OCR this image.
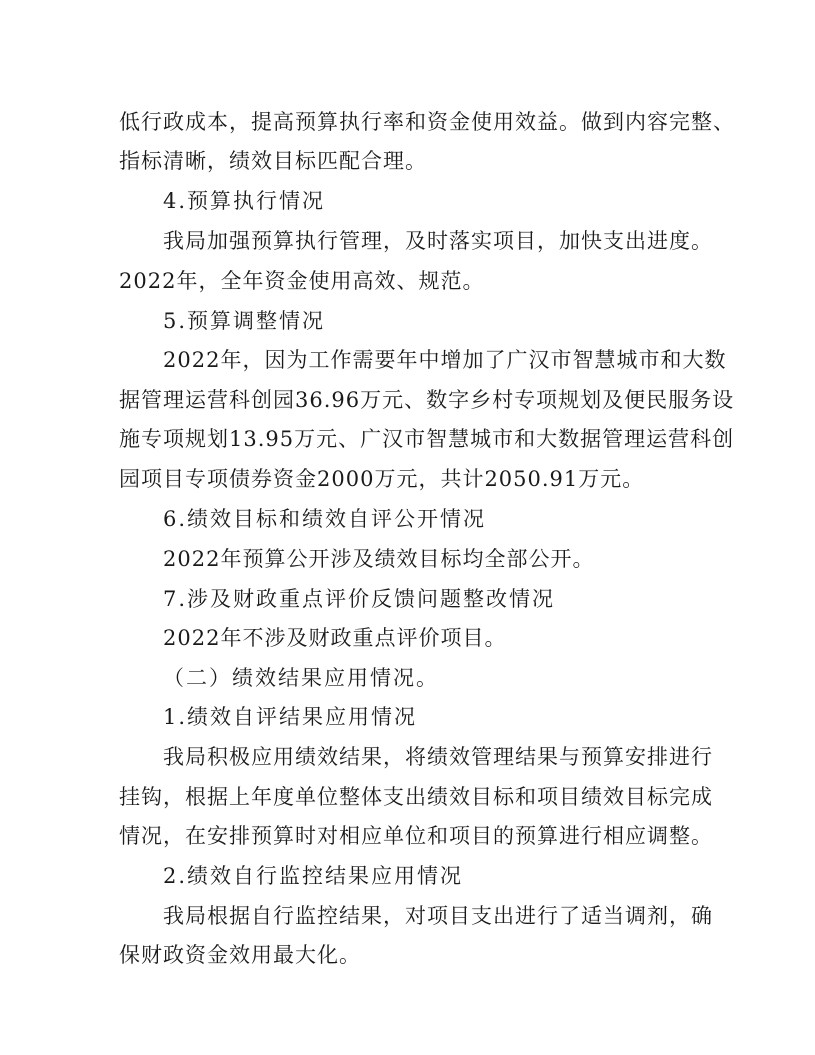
低行政成本，提高预算执行率和资金使用效益。做到内容完整、
指标清晰，绩效目标匹配合理。
4.预算执行情况
我局加强预算执行管理，及时落实项目，加快支出进度。
2022年，全年资金使用高效、规范。
5.预算调整情况
2022年，因为工作需要年中增加了广汉市智慧城市和大数
据管理运营科创园36.96万元、数字乡村专项规划及便民服务设
施专项规划13.95万元、广汉市智慧城市和大数据管理运营科创
园项目专项债券资金2000万元，共计2050.91万元。
6.绩效目标和绩效自评公开情况
2022年预算公开涉及绩效目标均全部公开。
7.涉及财政重点评价反馈问题整改情况
2022年不涉及财政重点评价项目。
（二）绩效结果应用情况。
1.绩效自评结果应用情况
我局积极应用绩效结果，将绩效管理结果与预算安排进行
挂钩，根据上年度单位整体支出绩效目标和项目绩效目标完成
情况，在安排预算时对相应单位和项目的预算进行相应调整。
2.绩效自行监控结果应用情况
我局根据自行监控结果，对项目支出进行了适当调剂，确
保财政资金效用最大化。
